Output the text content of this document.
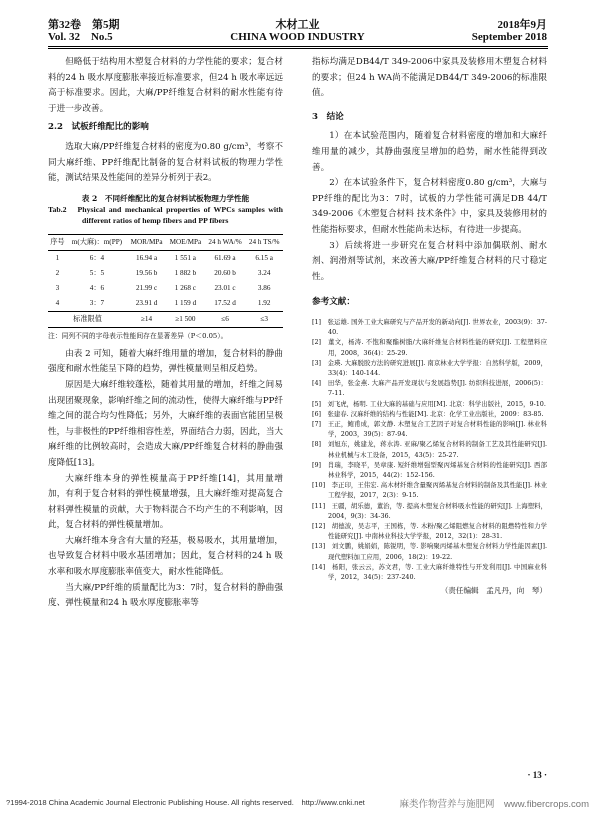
第32卷　第5期
Vol. 32　No.5
木材工业
CHINA WOOD INDUSTRY
2018年9月
September 2018

但略低于结构用木塑复合材料的力学性能的要求；复合材料的24 h 吸水厚度膨胀率接近标准要求，但24 h 吸水率远远高于标准要求。因此，大麻/PP纤维复合材料的耐水性能有待于进一步改善。

2.2　试板纤维配比的影响

选取大麻/PP纤维复合材料的密度为0.80 g/cm³，考察不同大麻纤维、PP纤维配比制备的复合材料试板的物理力学性能，测试结果及性能间的差异分析列于表2。

表 2　不同纤维配比的复合材料试板物理力学性能

Tab.2　Physical and mechanical properties of WPCs samples with different ratios of hemp fibers and PP fibers

序号	m(大麻)：m(PP)	MOR/MPa	MOE/MPa	24 h WA/%	24 h TS/%
1	6：4	16.94 a	1 551 a	61.69 a	6.15 a
2	5：5	19.56 b	1 882 b	20.60 b	3.24
3	4：6	21.99 c	1 268 c	23.01 c	3.86
4	3：7	23.91 d	1 159 d	17.52 d	1.92
标准限值		≥14	≥1 500	≤6	≤3

注：同列不同的字母表示性能间存在显著差异（P＜0.05）。

由表 2 可知，随着大麻纤维用量的增加，复合材料的静曲强度和耐水性能呈下降的趋势，弹性模量则呈相反趋势。

原因是大麻纤维较蓬松，随着其用量的增加，纤维之间易出现团聚现象，影响纤维之间的流动性，使得大麻纤维与PP纤维之间的混合均匀性降低；另外，大麻纤维的表面官能团呈极性，与非极性的PP纤维相容性差，界面结合力弱，因此，当大麻纤维的比例较高时，会造成大麻/PP纤维复合材料的静曲强度降低[13]。

大麻纤维本身的弹性模量高于PP纤维[14]，其用量增加，有利于复合材料的弹性模量增强，且大麻纤维对提高复合材料弹性模量的贡献，大于物料混合不均产生的不利影响，因此，复合材料的弹性模量增加。

大麻纤维本身含有大量的羟基，极易吸水，其用量增加，也导致复合材料中吸水基团增加；因此，复合材料的24 h 吸水率和吸水厚度膨胀率值变大，耐水性能降低。

当大麻/PP纤维的质量配比为3：7时，复合材料的静曲强度、弹性模量和24 h 吸水厚度膨胀率等

指标均满足DB44/T 349-2006中家具及装修用木塑复合材料的要求；但24 h WA尚不能满足DB44/T 349-2006的标准限值。

3　结论

1）在本试验范围内，随着复合材料密度的增加和大麻纤维用量的减少，其静曲强度呈增加的趋势，耐水性能得到改善。

2）在本试验条件下，复合材料密度0.80 g/cm³，大麻与PP纤维的配比为3：7时，试板的力学性能可满足DB 44/T 349-2006《木塑复合材料 技术条件》中，家具及装修用材的性能指标要求，但耐水性能尚未达标，有待进一步提高。

3）后续将进一步研究在复合材料中添加偶联剂、耐水剂、润滑剂等试剂，来改善大麻/PP纤维复合材料的尺寸稳定性。

参考文献：

[1]　张运雄. 国外工业大麻研究与产品开发的新动向[J]. 世界农业，2003(9)：37-40.

[2]　董文，杨涛. 不饱和聚酯树脂/大麻纤维复合材料性能的研究[J]. 工程塑料应用，2008，36(4)：25-29.

[3]　金瑛. 大麻脱胶方法的研究进展[J]. 南京林业大学学报：自然科学版，2009，33(4)：140-144.

[4]　田华，张金燕. 大麻产品开发现状与发展趋势[J]. 纺织科技进展，2006(5)：7-11.

[5]　刘飞虎，杨明. 工业大麻的基础与应用[M]. 北京：科学出版社，2015，9-10.

[6]　张建春. 汉麻纤维的结构与性能[M]. 北京：化学工业出版社，2009：83-85.

[7]　王正，鲍甫成，郭文静. 木塑复合工艺因子对复合材料性能的影响[J]. 林业科学，2003，39(5)：87-94.

[8]　刘旭东，姚建龙，蒋水涛. 亚麻/聚乙烯复合材料的制备工艺及其性能研究[J]. 林业机械与木工设备，2015，43(5)：25-27.

[9]　肖瑞，李晓平，吴章康. 短纤维增强型聚丙烯基复合材料的性能研究[J]. 西部林业科学，2015，44(2)：152-156.

[10]　李正印，王伟宏. 高木材纤维含量聚丙烯基复合材料的制备及其性能[J]. 林业工程学报，2017，2(3)：9-15.

[11]　王疆，胡乐德，董治，等. 提高木塑复合材料吸水性能的研究[J]. 上海塑料，2004，9(3)：34-36.

[12]　胡德波，吴志平，王国栋，等. 木粉/聚乙烯阻燃复合材料的阻燃特性和力学性能研究[J]. 中南林业科技大学学报，2012，32(1)：28-31.

[13]　刘文鹏，姚娟娟，陈锐明，等. 影响聚丙烯基木塑复合材料力学性能因素[J]. 现代塑料加工应用，2006，18(2)：19-22.

[14]　杨阳，张云云，苏文君，等. 工业大麻纤维特性与开发利用[J]. 中国麻业科学，2012，34(5)：237-240.

（责任编辑　孟凡丹，向　琴）

· 13 ·
?1994-2018 China Academic Journal Electronic Publishing House. All rights reserved.　http://www.cnki.net	麻类作物营养与施肥网　www.fibercrops.com
